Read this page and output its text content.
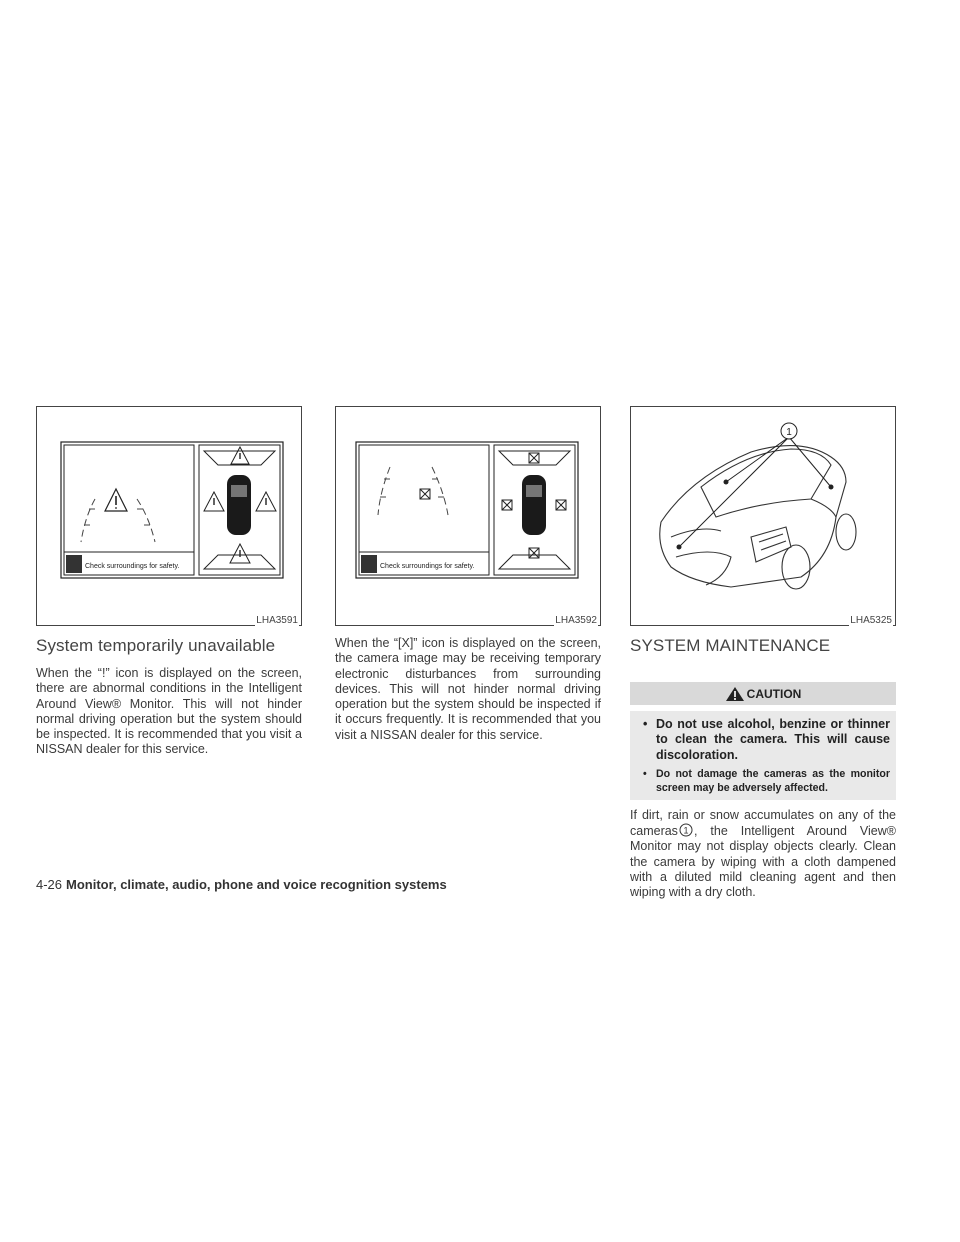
Check surroundings for safety.
LHA3591
Check surroundings for safety.
LHA3592
1
LHA5325
System temporarily unavailable

When the “!” icon is displayed on the screen, there are abnormal conditions in the Intelligent Around View® Monitor. This will not hinder normal driving operation but the system should be inspected. It is recommended that you visit a NISSAN dealer for this service.

When the “[X]” icon is displayed on the screen, the camera image may be receiving temporary electronic disturbances from surrounding devices. This will not hinder normal driving operation but the system should be inspected if it occurs frequently. It is recommended that you visit a NISSAN dealer for this service.

SYSTEM MAINTENANCE
CAUTION
• Do not use alcohol, benzine or thinner to clean the camera. This will cause discoloration.
• Do not damage the cameras as the monitor screen may be adversely affected.

If dirt, rain or snow accumulates on any of the cameras 1 , the Intelligent Around View® Monitor may not display objects clearly. Clean the camera by wiping with a cloth dampened with a diluted mild cleaning agent and then wiping with a dry cloth.

4-26 Monitor, climate, audio, phone and voice recognition systems
